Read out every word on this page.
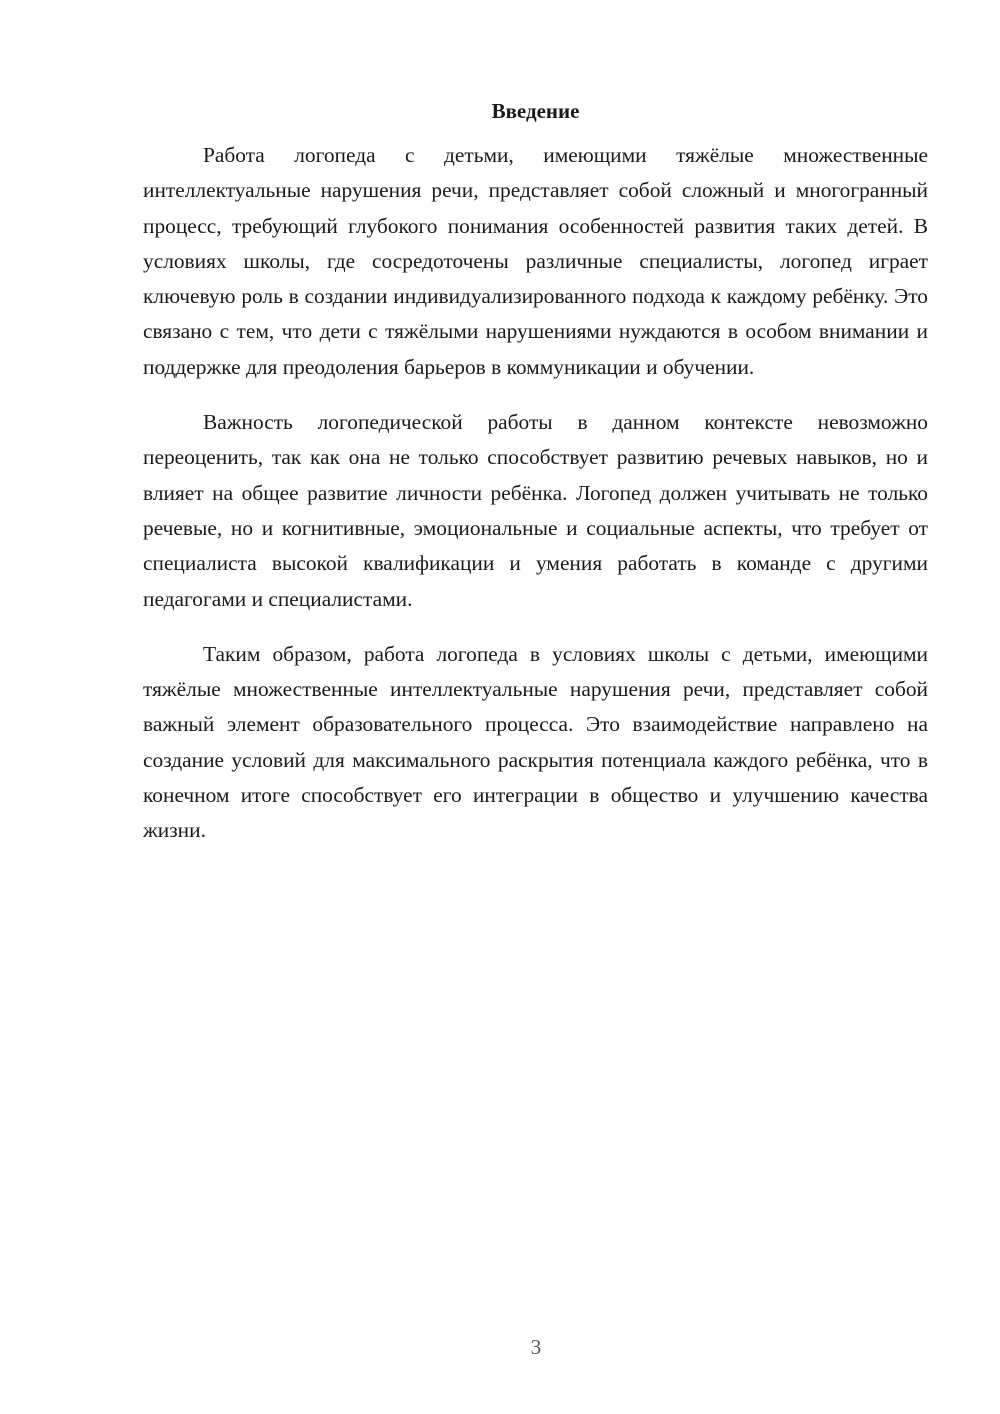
Введение

Работа логопеда с детьми, имеющими тяжёлые множественные интеллектуальные нарушения речи, представляет собой сложный и многогранный процесс, требующий глубокого понимания особенностей развития таких детей. В условиях школы, где сосредоточены различные специалисты, логопед играет ключевую роль в создании индивидуализированного подхода к каждому ребёнку. Это связано с тем, что дети с тяжёлыми нарушениями нуждаются в особом внимании и поддержке для преодоления барьеров в коммуникации и обучении.

Важность логопедической работы в данном контексте невозможно переоценить, так как она не только способствует развитию речевых навыков, но и влияет на общее развитие личности ребёнка. Логопед должен учитывать не только речевые, но и когнитивные, эмоциональные и социальные аспекты, что требует от специалиста высокой квалификации и умения работать в команде с другими педагогами и специалистами.

Таким образом, работа логопеда в условиях школы с детьми, имеющими тяжёлые множественные интеллектуальные нарушения речи, представляет собой важный элемент образовательного процесса. Это взаимодействие направлено на создание условий для максимального раскрытия потенциала каждого ребёнка, что в конечном итоге способствует его интеграции в общество и улучшению качества жизни.

3
